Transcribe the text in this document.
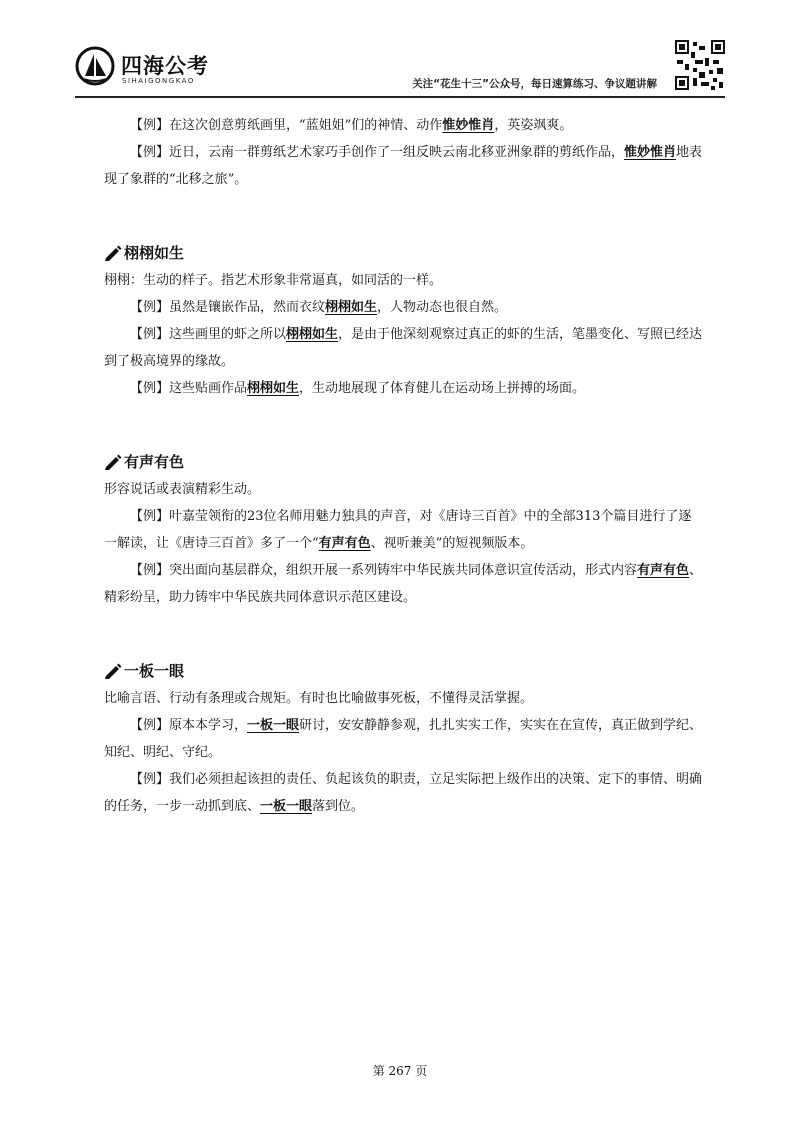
四海公考
SIHAIGONGKAO	关注“花生十三”公众号，每日速算练习、争议题讲解

【例】在这次创意剪纸画里，“蓝姐姐”们的神情、动作惟妙惟肖，英姿飒爽。

【例】近日，云南一群剪纸艺术家巧手创作了一组反映云南北移亚洲象群的剪纸作品，惟妙惟肖地表现了象群的“北移之旅”。

栩栩如生

栩栩：生动的样子。指艺术形象非常逼真，如同活的一样。

【例】虽然是镶嵌作品，然而衣纹栩栩如生，人物动态也很自然。

【例】这些画里的虾之所以栩栩如生，是由于他深刻观察过真正的虾的生活，笔墨变化、写照已经达到了极高境界的缘故。

【例】这些贴画作品栩栩如生，生动地展现了体育健儿在运动场上拼搏的场面。

有声有色

形容说话或表演精彩生动。

【例】叶嘉莹领衔的23位名师用魅力独具的声音，对《唐诗三百首》中的全部313个篇目进行了逐一解读，让《唐诗三百首》多了一个“有声有色、视听兼美”的短视频版本。

【例】突出面向基层群众，组织开展一系列铸牢中华民族共同体意识宣传活动，形式内容有声有色、精彩纷呈，助力铸牢中华民族共同体意识示范区建设。

一板一眼

比喻言语、行动有条理或合规矩。有时也比喻做事死板，不懂得灵活掌握。

【例】原本本学习，一板一眼研讨，安安静静参观，扎扎实实工作，实实在在宣传，真正做到学纪、知纪、明纪、守纪。

【例】我们必须担起该担的责任、负起该负的职责，立足实际把上级作出的决策、定下的事情、明确的任务，一步一动抓到底、一板一眼落到位。

第 267 页
